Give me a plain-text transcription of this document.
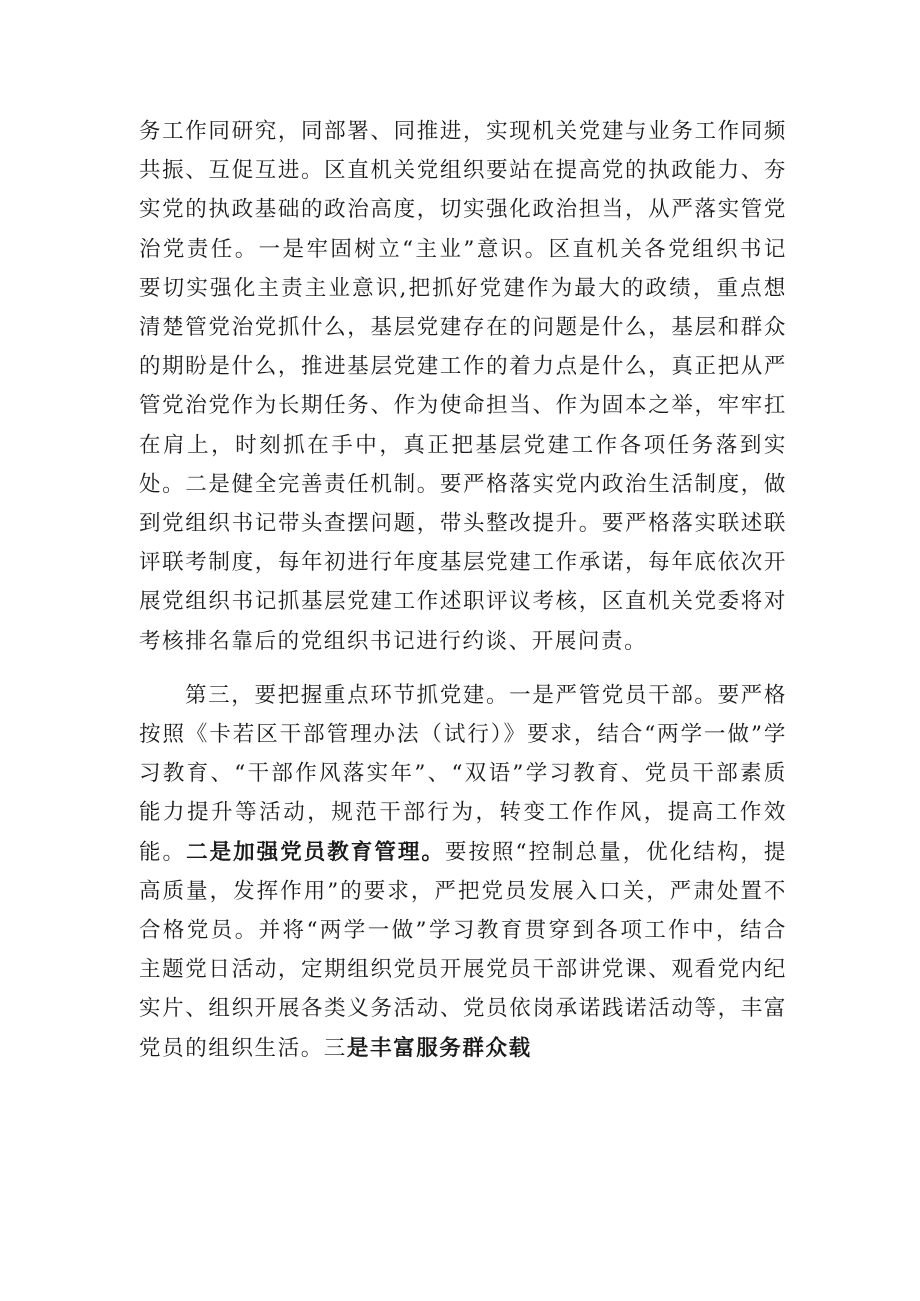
务工作同研究，同部署、同推进，实现机关党建与业务工作同频共振、互促互进。区直机关党组织要站在提高党的执政能力、夯实党的执政基础的政治高度，切实强化政治担当，从严落实管党治党责任。一是牢固树立“主业”意识。区直机关各党组织书记要切实强化主责主业意识,把抓好党建作为最大的政绩，重点想清楚管党治党抓什么，基层党建存在的问题是什么，基层和群众的期盼是什么，推进基层党建工作的着力点是什么，真正把从严管党治党作为长期任务、作为使命担当、作为固本之举，牢牢扛在肩上，时刻抓在手中，真正把基层党建工作各项任务落到实处。二是健全完善责任机制。要严格落实党内政治生活制度，做到党组织书记带头查摆问题，带头整改提升。要严格落实联述联评联考制度，每年初进行年度基层党建工作承诺，每年底依次开展党组织书记抓基层党建工作述职评议考核，区直机关党委将对考核排名靠后的党组织书记进行约谈、开展问责。

第三，要把握重点环节抓党建。一是严管党员干部。要严格按照《卡若区干部管理办法（试行）》要求，结合“两学一做”学习教育、“干部作风落实年”、“双语”学习教育、党员干部素质能力提升等活动，规范干部行为，转变工作作风，提高工作效能。二是加强党员教育管理。要按照“控制总量，优化结构，提高质量，发挥作用”的要求，严把党员发展入口关，严肃处置不合格党员。并将“两学一做”学习教育贯穿到各项工作中，结合主题党日活动，定期组织党员开展党员干部讲党课、观看党内纪实片、组织开展各类义务活动、党员依岗承诺践诺活动等，丰富党员的组织生活。三是丰富服务群众载
